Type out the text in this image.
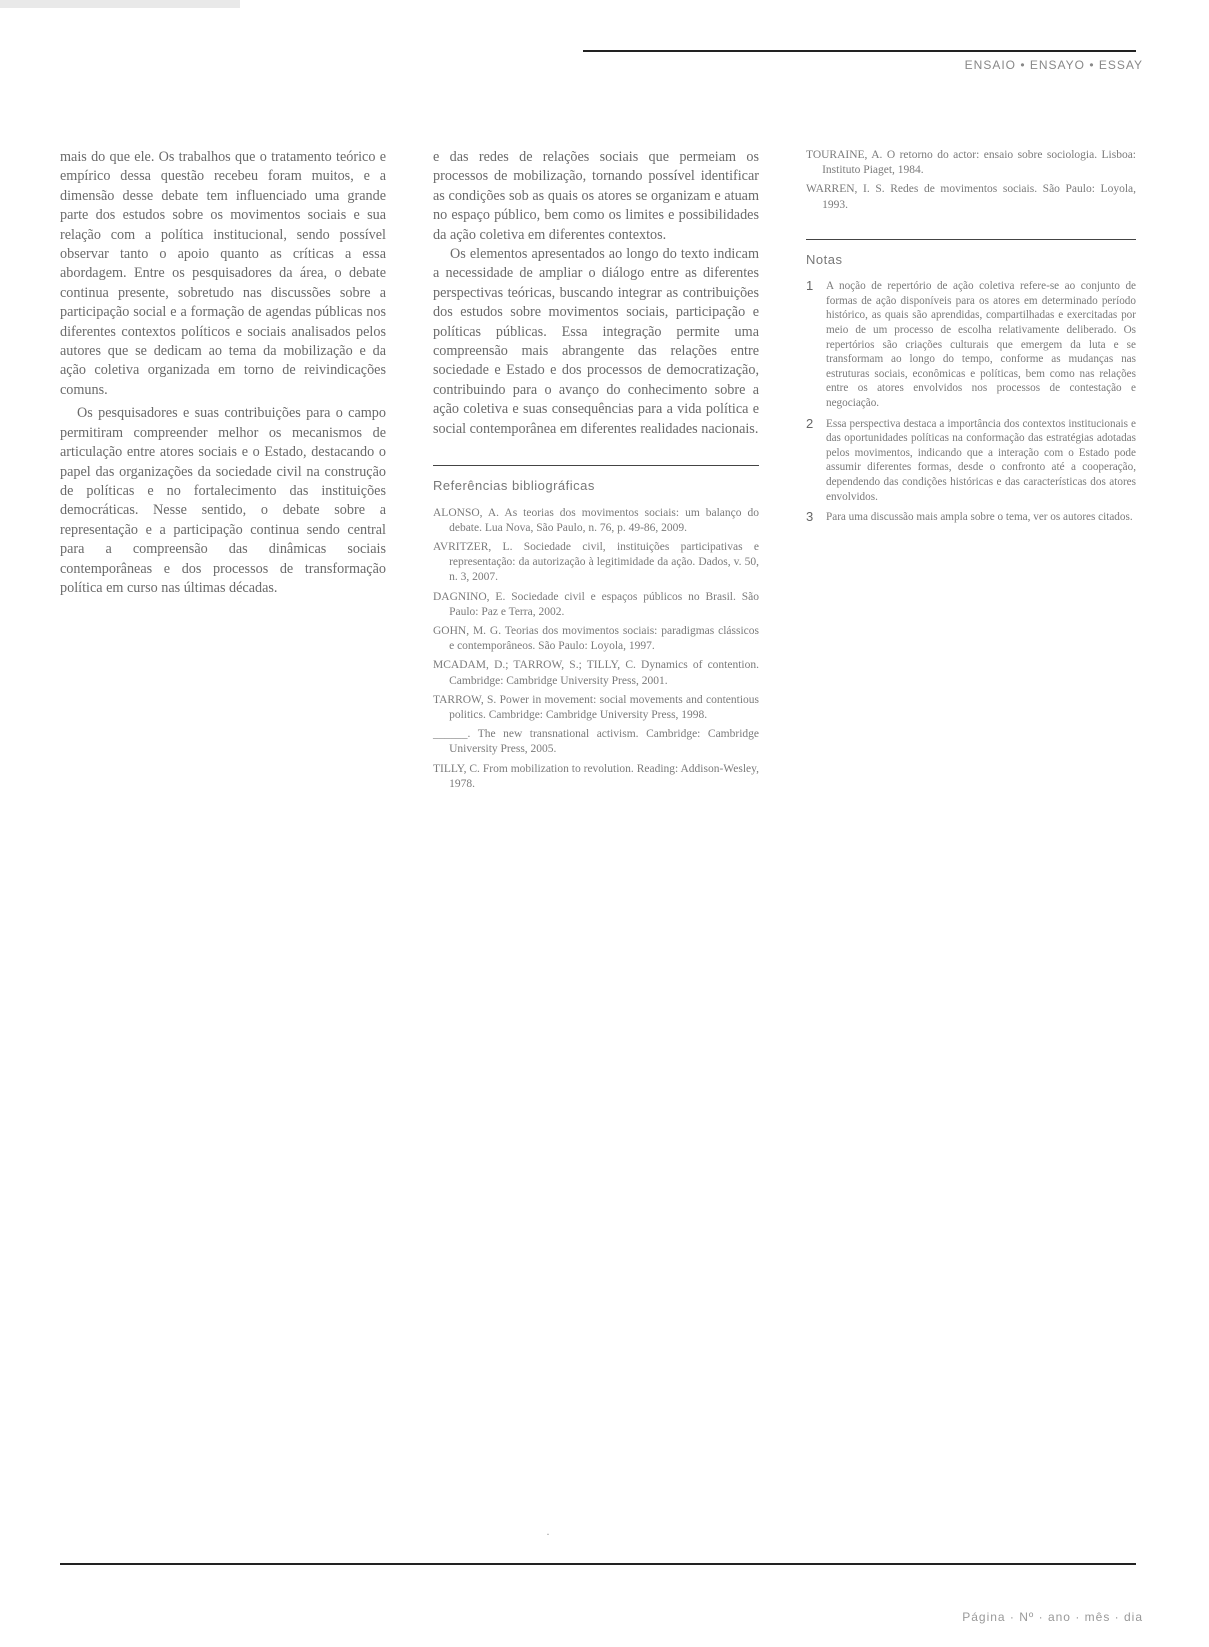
ENSAIO • ENSAYO • ESSAY

mais do que ele. Os trabalhos que o tratamento teórico e empírico dessa questão recebeu foram muitos, e a dimensão desse debate tem influenciado uma grande parte dos estudos sobre os movimentos sociais e sua relação com a política institucional, sendo possível observar tanto o apoio quanto as críticas a essa abordagem. Entre os pesquisadores da área, o debate continua presente, sobretudo nas discussões sobre a participação social e a formação de agendas públicas nos diferentes contextos políticos e sociais analisados pelos autores que se dedicam ao tema da mobilização e da ação coletiva organizada em torno de reivindicações comuns.

Os pesquisadores e suas contribuições para o campo permitiram compreender melhor os mecanismos de articulação entre atores sociais e o Estado, destacando o papel das organizações da sociedade civil na construção de políticas e no fortalecimento das instituições democráticas. Nesse sentido, o debate sobre a representação e a participação continua sendo central para a compreensão das dinâmicas sociais contemporâneas e dos processos de transformação política em curso nas últimas décadas.

e das redes de relações sociais que permeiam os processos de mobilização, tornando possível identificar as condições sob as quais os atores se organizam e atuam no espaço público, bem como os limites e possibilidades da ação coletiva em diferentes contextos.

Os elementos apresentados ao longo do texto indicam a necessidade de ampliar o diálogo entre as diferentes perspectivas teóricas, buscando integrar as contribuições dos estudos sobre movimentos sociais, participação e políticas públicas. Essa integração permite uma compreensão mais abrangente das relações entre sociedade e Estado e dos processos de democratização, contribuindo para o avanço do conhecimento sobre a ação coletiva e suas consequências para a vida política e social contemporânea em diferentes realidades nacionais.

Referências bibliográficas
ALONSO, A. As teorias dos movimentos sociais: um balanço do debate. Lua Nova, São Paulo, n. 76, p. 49-86, 2009.
AVRITZER, L. Sociedade civil, instituições participativas e representação: da autorização à legitimidade da ação. Dados, v. 50, n. 3, 2007.
DAGNINO, E. Sociedade civil e espaços públicos no Brasil. São Paulo: Paz e Terra, 2002.
GOHN, M. G. Teorias dos movimentos sociais: paradigmas clássicos e contemporâneos. São Paulo: Loyola, 1997.
MCADAM, D.; TARROW, S.; TILLY, C. Dynamics of contention. Cambridge: Cambridge University Press, 2001.
TARROW, S. Power in movement: social movements and contentious politics. Cambridge: Cambridge University Press, 1998.
______. The new transnational activism. Cambridge: Cambridge University Press, 2005.
TILLY, C. From mobilization to revolution. Reading: Addison-Wesley, 1978.
TOURAINE, A. O retorno do actor: ensaio sobre sociologia. Lisboa: Instituto Piaget, 1984.
WARREN, I. S. Redes de movimentos sociais. São Paulo: Loyola, 1993.
Notas
1	A noção de repertório de ação coletiva refere-se ao conjunto de formas de ação disponíveis para os atores em determinado período histórico, as quais são aprendidas, compartilhadas e exercitadas por meio de um processo de escolha relativamente deliberado. Os repertórios são criações culturais que emergem da luta e se transformam ao longo do tempo, conforme as mudanças nas estruturas sociais, econômicas e políticas, bem como nas relações entre os atores envolvidos nos processos de contestação e negociação.
2	Essa perspectiva destaca a importância dos contextos institucionais e das oportunidades políticas na conformação das estratégias adotadas pelos movimentos, indicando que a interação com o Estado pode assumir diferentes formas, desde o confronto até a cooperação, dependendo das condições históricas e das características dos atores envolvidos.
3	Para uma discussão mais ampla sobre o tema, ver os autores citados.
·
Página · Nº · ano · mês · dia
